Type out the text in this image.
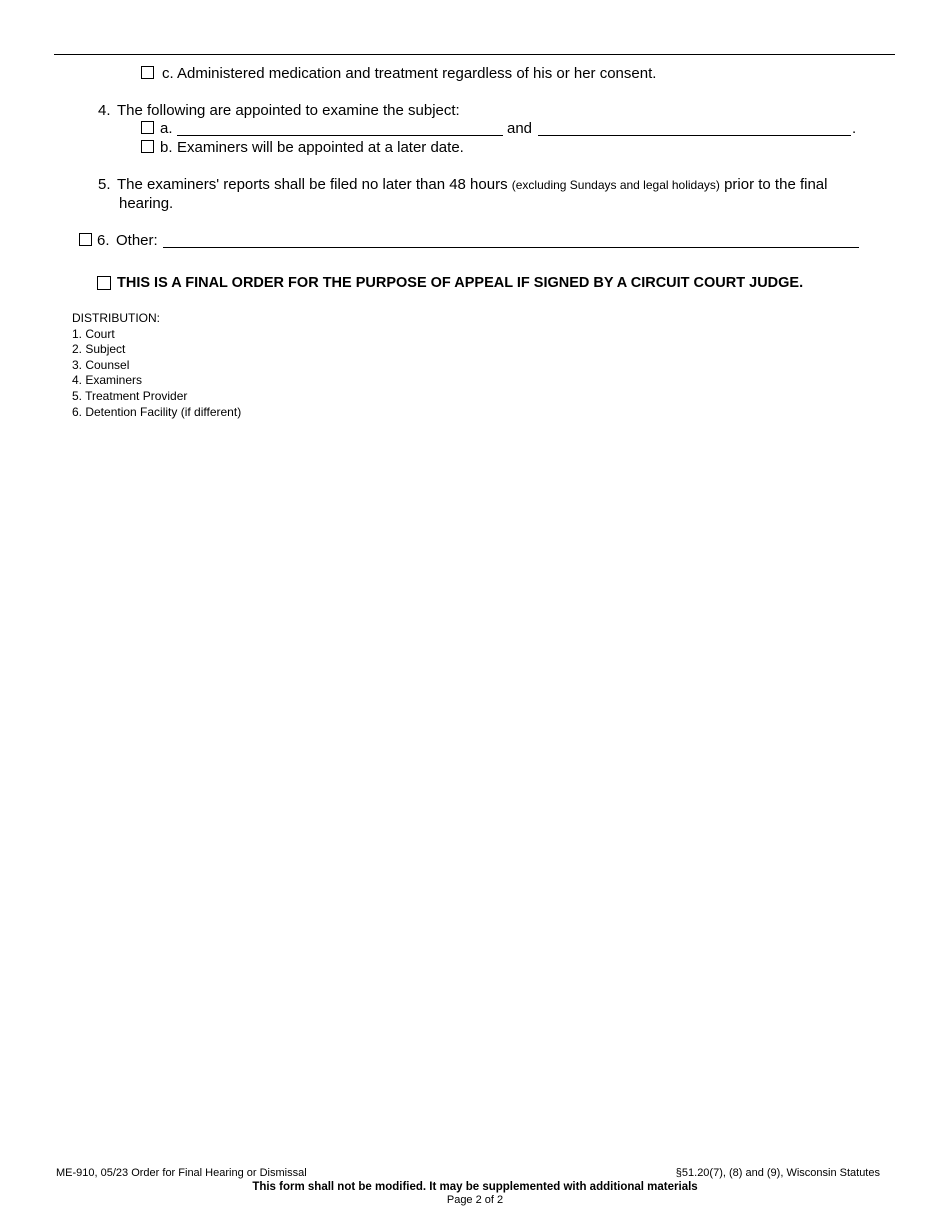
c. Administered medication and treatment regardless of his or her consent.
4. The following are appointed to examine the subject:
a.	and	.
b. Examiners will be appointed at a later date.
5. The examiners' reports shall be filed no later than 48 hours (excluding Sundays and legal holidays) prior to the final
hearing.
6. Other:
THIS IS A FINAL ORDER FOR THE PURPOSE OF APPEAL IF SIGNED BY A CIRCUIT COURT JUDGE.
DISTRIBUTION:
1. Court
2. Subject
3. Counsel
4. Examiners
5. Treatment Provider
6. Detention Facility (if different)
ME-910, 05/23 Order for Final Hearing or Dismissal	§51.20(7), (8) and (9), Wisconsin Statutes
This form shall not be modified. It may be supplemented with additional materials
Page 2 of 2
